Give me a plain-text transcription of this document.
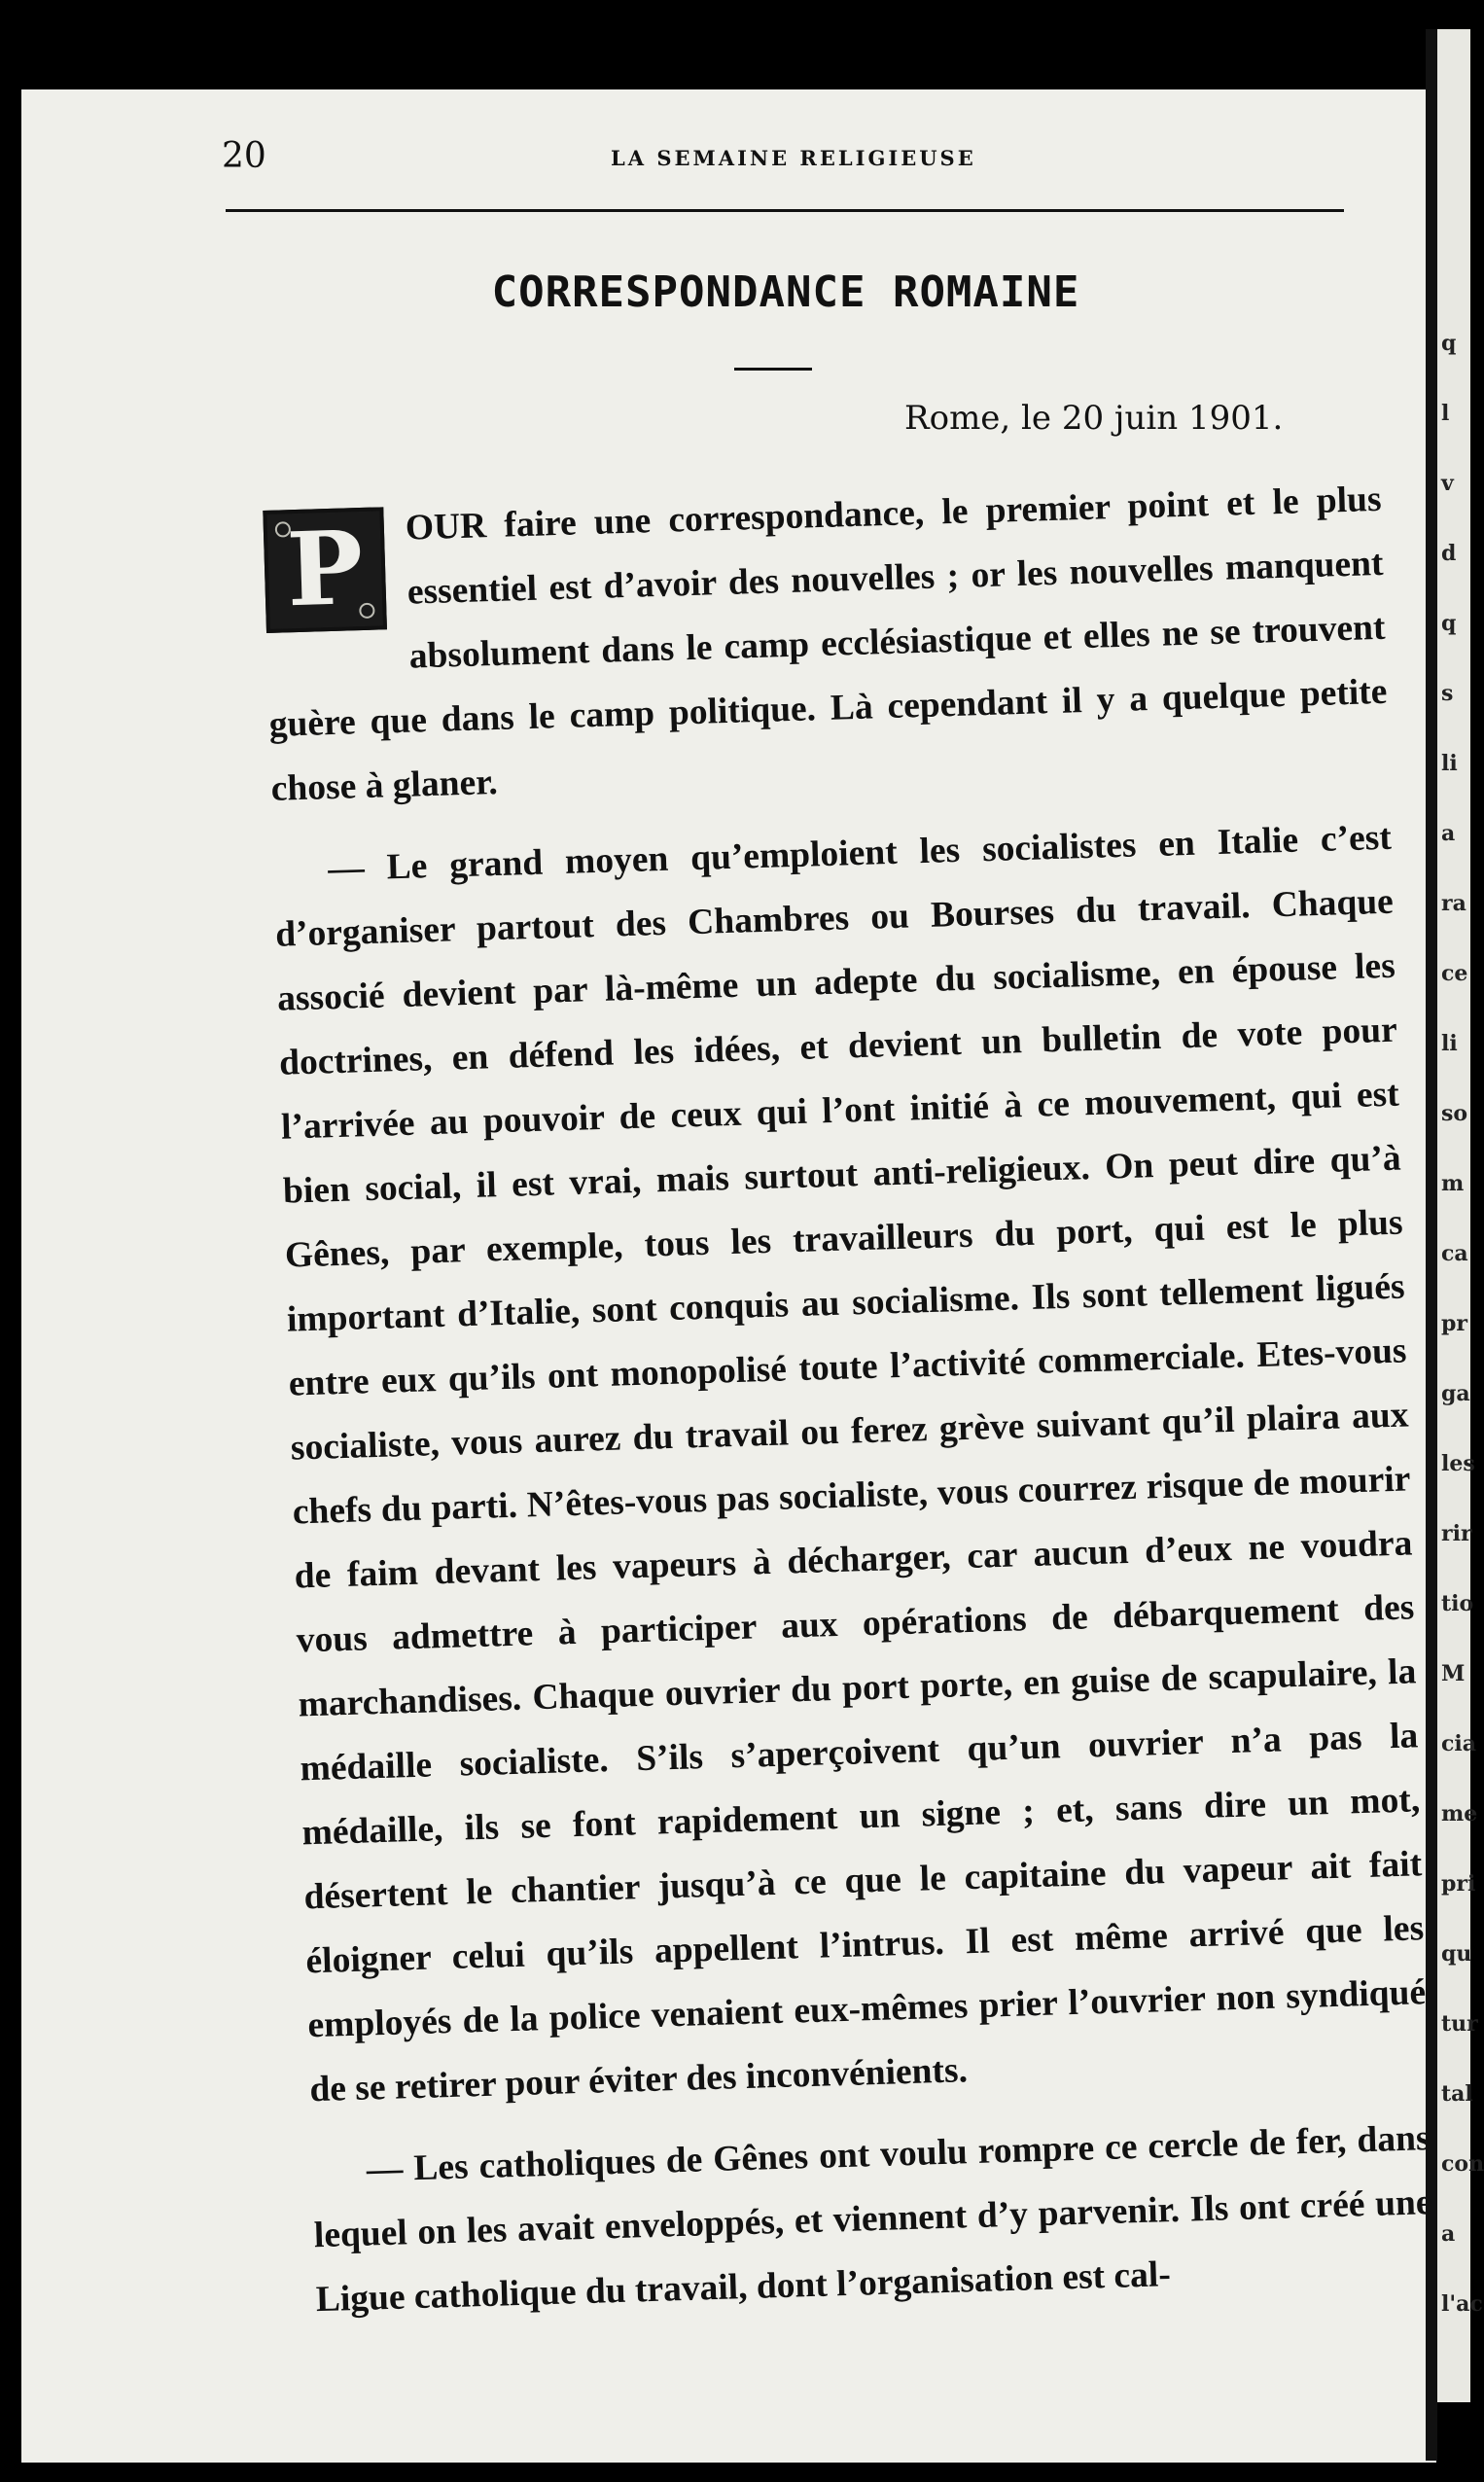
q
l
v
d
q
s
li
a
ra
ce
li
so
m
ca
pr
ga
les
rir
tio
M
cia
me
pri
qu
tur
tal
con
a
l'ac
20	LA SEMAINE RELIGIEUSE
CORRESPONDANCE ROMAINE
Rome, le 20 juin 1901.

P	OUR faire une correspondance, le premier point et le plus essentiel est d’avoir des nouvelles ; or les nouvelles manquent absolument dans le camp ecclésiastique et elles ne se trouvent guère que dans le camp politique. Là cependant il y a quelque petite chose à glaner.

— Le grand moyen qu’emploient les socialistes en Italie c’est d’organiser partout des Chambres ou Bourses du travail. Chaque associé devient par là-même un adepte du socialisme, en épouse les doctrines, en défend les idées, et devient un bulletin de vote pour l’arrivée au pouvoir de ceux qui l’ont initié à ce mouvement, qui est bien social, il est vrai, mais surtout anti-religieux. On peut dire qu’à Gênes, par exemple, tous les travailleurs du port, qui est le plus important d’Italie, sont conquis au socialisme. Ils sont tellement ligués entre eux qu’ils ont monopolisé toute l’activité commerciale. Etes-vous socialiste, vous aurez du travail ou ferez grève suivant qu’il plaira aux chefs du parti. N’êtes-vous pas socialiste, vous courrez risque de mourir de faim devant les vapeurs à décharger, car aucun d’eux ne voudra vous admettre à participer aux opérations de débarquement des marchandises. Chaque ouvrier du port porte, en guise de scapulaire, la médaille socialiste. S’ils s’aperçoivent qu’un ouvrier n’a pas la médaille, ils se font rapidement un signe ; et, sans dire un mot, désertent le chantier jusqu’à ce que le capitaine du vapeur ait fait éloigner celui qu’ils appellent l’intrus. Il est même arrivé que les employés de la police venaient eux-mêmes prier l’ouvrier non syndiqué de se retirer pour éviter des inconvénients.

— Les catholiques de Gênes ont voulu rompre ce cercle de fer, dans lequel on les avait enveloppés, et viennent d’y parvenir. Ils ont créé une Ligue catholique du travail, dont l’organisation est cal-
